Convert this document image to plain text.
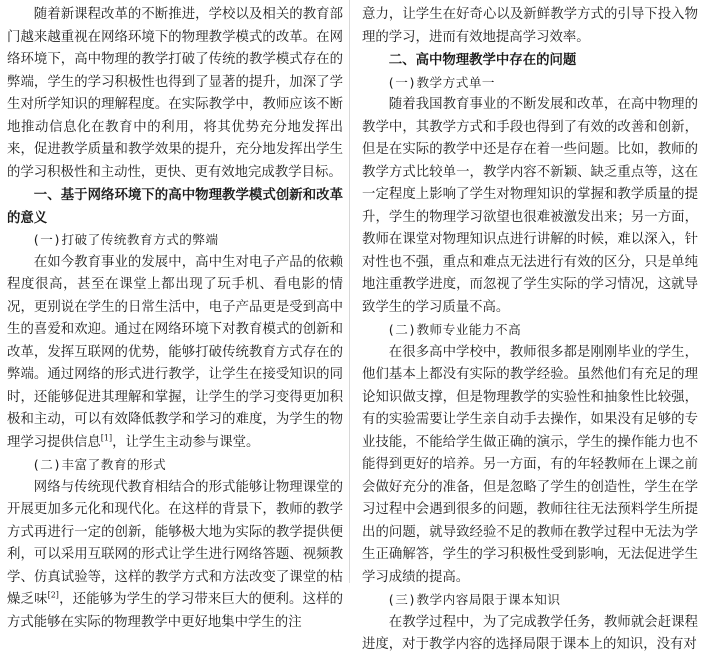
随着新课程改革的不断推进，学校以及相关的教育部门越来越重视在网络环境下的物理教学模式的改革。在网络环境下，高中物理的教学打破了传统的教学模式存在的弊端，学生的学习积极性也得到了显著的提升，加深了学生对所学知识的理解程度。在实际教学中，教师应该不断地推动信息化在教育中的利用，将其优势充分地发挥出来，促进教学质量和教学效果的提升，充分地发挥出学生的学习积极性和主动性，更快、更有效地完成教学目标。

一、基于网络环境下的高中物理教学模式创新和改革的意义

(一)打破了传统教育方式的弊端

在如今教育事业的发展中，高中生对电子产品的依赖程度很高，甚至在课堂上都出现了玩手机、看电影的情况，更别说在学生的日常生活中，电子产品更是受到高中生的喜爱和欢迎。通过在网络环境下对教育模式的创新和改革，发挥互联网的优势，能够打破传统教育方式存在的弊端。通过网络的形式进行教学，让学生在接受知识的同时，还能够促进其理解和掌握，让学生的学习变得更加积极和主动，可以有效降低教学和学习的难度，为学生的物理学习提供信息[1]，让学生主动参与课堂。

(二)丰富了教育的形式

网络与传统现代教育相结合的形式能够让物理课堂的开展更加多元化和现代化。在这样的背景下，教师的教学方式再进行一定的创新，能够极大地为实际的教学提供便利，可以采用互联网的形式让学生进行网络答题、视频教学、仿真试验等，这样的教学方式和方法改变了课堂的枯燥乏味[2]，还能够为学生的学习带来巨大的便利。这样的方式能够在实际的物理教学中更好地集中学生的注

意力，让学生在好奇心以及新鲜教学方式的引导下投入物理的学习，进而有效地提高学习效率。

二、高中物理教学中存在的问题

(一)教学方式单一

随着我国教育事业的不断发展和改革，在高中物理的教学中，其教学方式和手段也得到了有效的改善和创新，但是在实际的教学中还是存在着一些问题。比如，教师的教学方式比较单一，教学内容不新颖、缺乏重点等，这在一定程度上影响了学生对物理知识的掌握和教学质量的提升，学生的物理学习欲望也很难被激发出来；另一方面，教师在课堂对物理知识点进行讲解的时候，难以深入，针对性也不强，重点和难点无法进行有效的区分，只是单纯地注重教学进度，而忽视了学生实际的学习情况，这就导致学生的学习质量不高。

(二)教师专业能力不高

在很多高中学校中，教师很多都是刚刚毕业的学生，他们基本上都没有实际的教学经验。虽然他们有充足的理论知识做支撑，但是物理教学的实验性和抽象性比较强，有的实验需要让学生亲自动手去操作，如果没有足够的专业技能，不能给学生做正确的演示，学生的操作能力也不能得到更好的培养。另一方面，有的年轻教师在上课之前会做好充分的准备，但是忽略了学生的创造性，学生在学习过程中会遇到很多的问题，教师往往无法预料学生所提出的问题，就导致经验不足的教师在教学过程中无法为学生正确解答，学生的学习积极性受到影响，无法促进学生学习成绩的提高。

(三)教学内容局限于课本知识

在教学过程中，为了完成教学任务，教师就会赶课程进度，对于教学内容的选择局限于课本上的知识，没有对
